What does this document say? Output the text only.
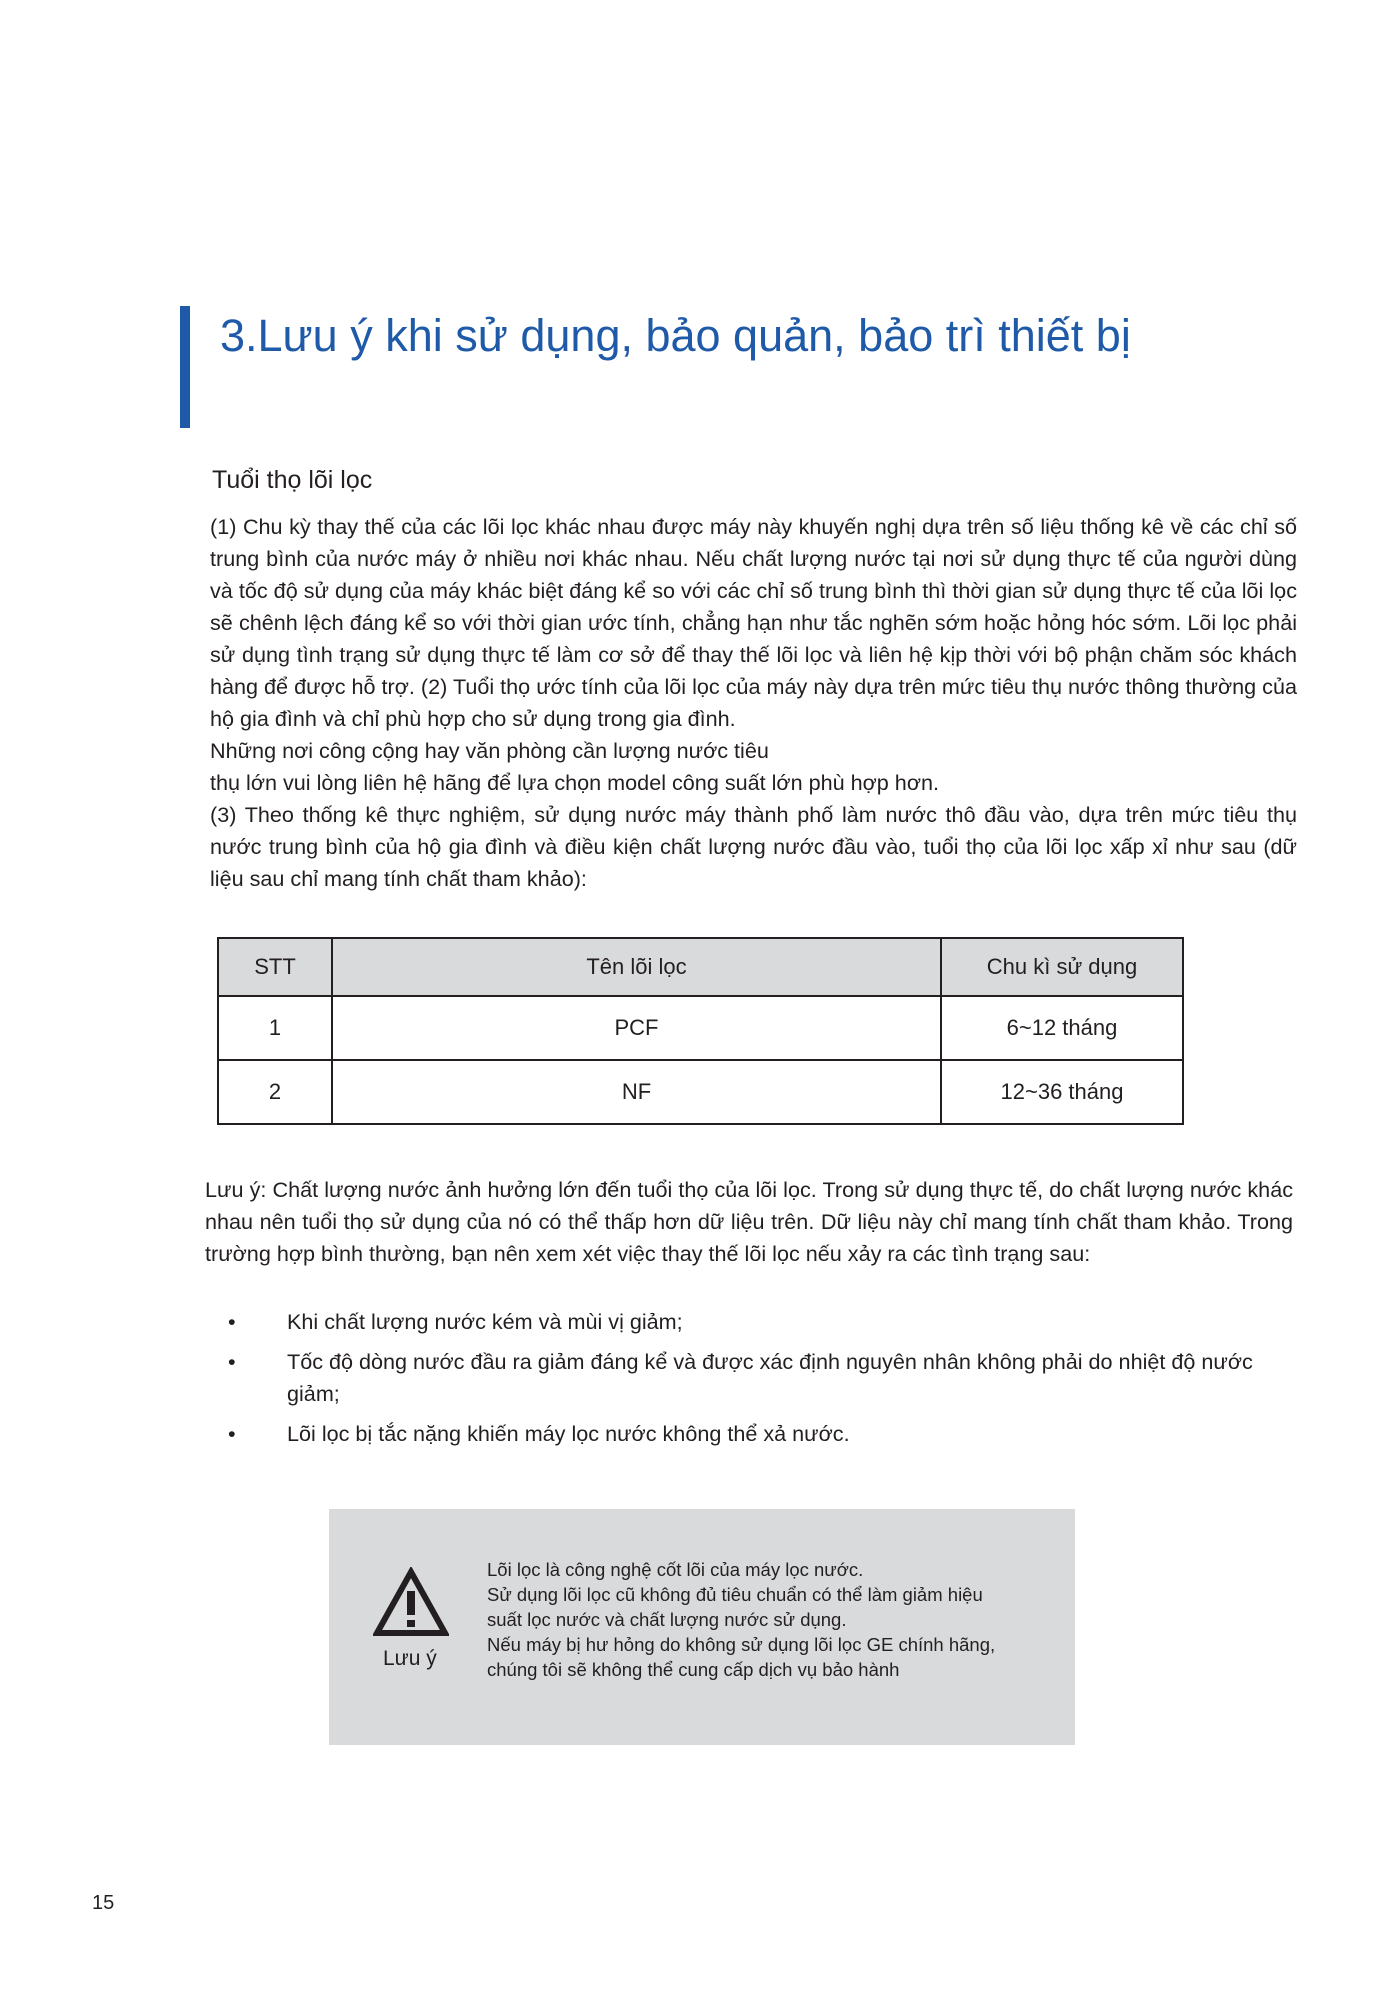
3.Lưu ý khi sử dụng, bảo quản, bảo trì thiết bị
Tuổi thọ lõi lọc

(1) Chu kỳ thay thế của các lõi lọc khác nhau được máy này khuyến nghị dựa trên số liệu thống kê về các chỉ số trung bình của nước máy ở nhiều nơi khác nhau. Nếu chất lượng nước tại nơi sử dụng thực tế của người dùng và tốc độ sử dụng của máy khác biệt đáng kể so với các chỉ số trung bình thì thời gian sử dụng thực tế của lõi lọc sẽ chênh lệch đáng kể so với thời gian ước tính, chẳng hạn như tắc nghẽn sớm hoặc hỏng hóc sớm. Lõi lọc phải sử dụng tình trạng sử dụng thực tế làm cơ sở để thay thế lõi lọc và liên hệ kịp thời với bộ phận chăm sóc khách hàng để được hỗ trợ. (2) Tuổi thọ ước tính của lõi lọc của máy này dựa trên mức tiêu thụ nước thông thường của hộ gia đình và chỉ phù hợp cho sử dụng trong gia đình.

Những nơi công cộng hay văn phòng cần lượng nước tiêu

thụ lớn vui lòng liên hệ hãng để lựa chọn model công suất lớn phù hợp hơn.

(3) Theo thống kê thực nghiệm, sử dụng nước máy thành phố làm nước thô đầu vào, dựa trên mức tiêu thụ nước trung bình của hộ gia đình và điều kiện chất lượng nước đầu vào, tuổi thọ của lõi lọc xấp xỉ như sau (dữ liệu sau chỉ mang tính chất tham khảo):

STT	Tên lõi lọc	Chu kì sử dụng
1	PCF	6~12 tháng
2	NF	12~36 tháng

Lưu ý: Chất lượng nước ảnh hưởng lớn đến tuổi thọ của lõi lọc. Trong sử dụng thực tế, do chất lượng nước khác nhau nên tuổi thọ sử dụng của nó có thể thấp hơn dữ liệu trên. Dữ liệu này chỉ mang tính chất tham khảo. Trong trường hợp bình thường, bạn nên xem xét việc thay thế lõi lọc nếu xảy ra các tình trạng sau:

• Khi chất lượng nước kém và mùi vị giảm;
• Tốc độ dòng nước đầu ra giảm đáng kể và được xác định nguyên nhân không phải do nhiệt độ nước giảm;
• Lõi lọc bị tắc nặng khiến máy lọc nước không thể xả nước.
Lưu ý
Lõi lọc là công nghệ cốt lõi của máy lọc nước.
Sử dụng lõi lọc cũ không đủ tiêu chuẩn có thể làm giảm hiệu
suất lọc nước và chất lượng nước sử dụng.
Nếu máy bị hư hỏng do không sử dụng lõi lọc GE chính hãng,
chúng tôi sẽ không thể cung cấp dịch vụ bảo hành
15
